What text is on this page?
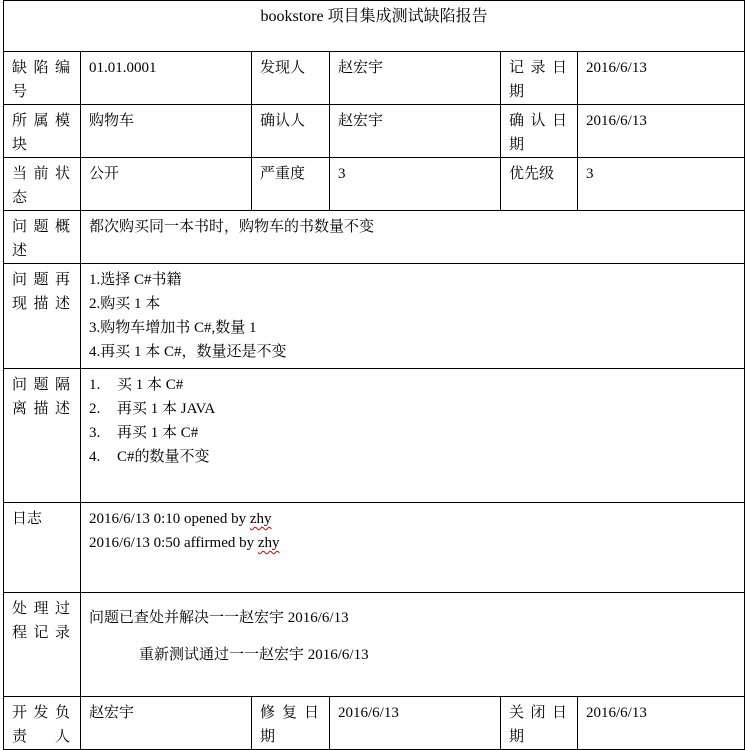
bookstore 项目集成测试缺陷报告					
缺陷编号	01.01.0001	发现人	赵宏宇	记录日期	2016/6/13
所属模块	购物车	确认人	赵宏宇	确认日期	2016/6/13
当前状态	公开	严重度	3	优先级	3
问题概述	都次购买同一本书时，购物车的书数量不变				
问题再现描述	1.选择 C#书籍
2.购买 1 本
3.购物车增加书 C#,数量 1
4.再买 1 本 C#，数量还是不变				

问题隔离描述	1. 买 1 本 C#
2. 再买 1 本 JAVA
3. 再买 1 本 C#
4. C#的数量不变				

日志	2016/6/13 0:10 opened by zhy
2016/6/13 0:50 affirmed by zhy				

处理过程记录	问题已查处并解决一一赵宏宇 2016/6/13
重新测试通过一一赵宏宇 2016/6/13				

开发负责人	赵宏宇	修复日期	2016/6/13	关闭日期	2016/6/13
